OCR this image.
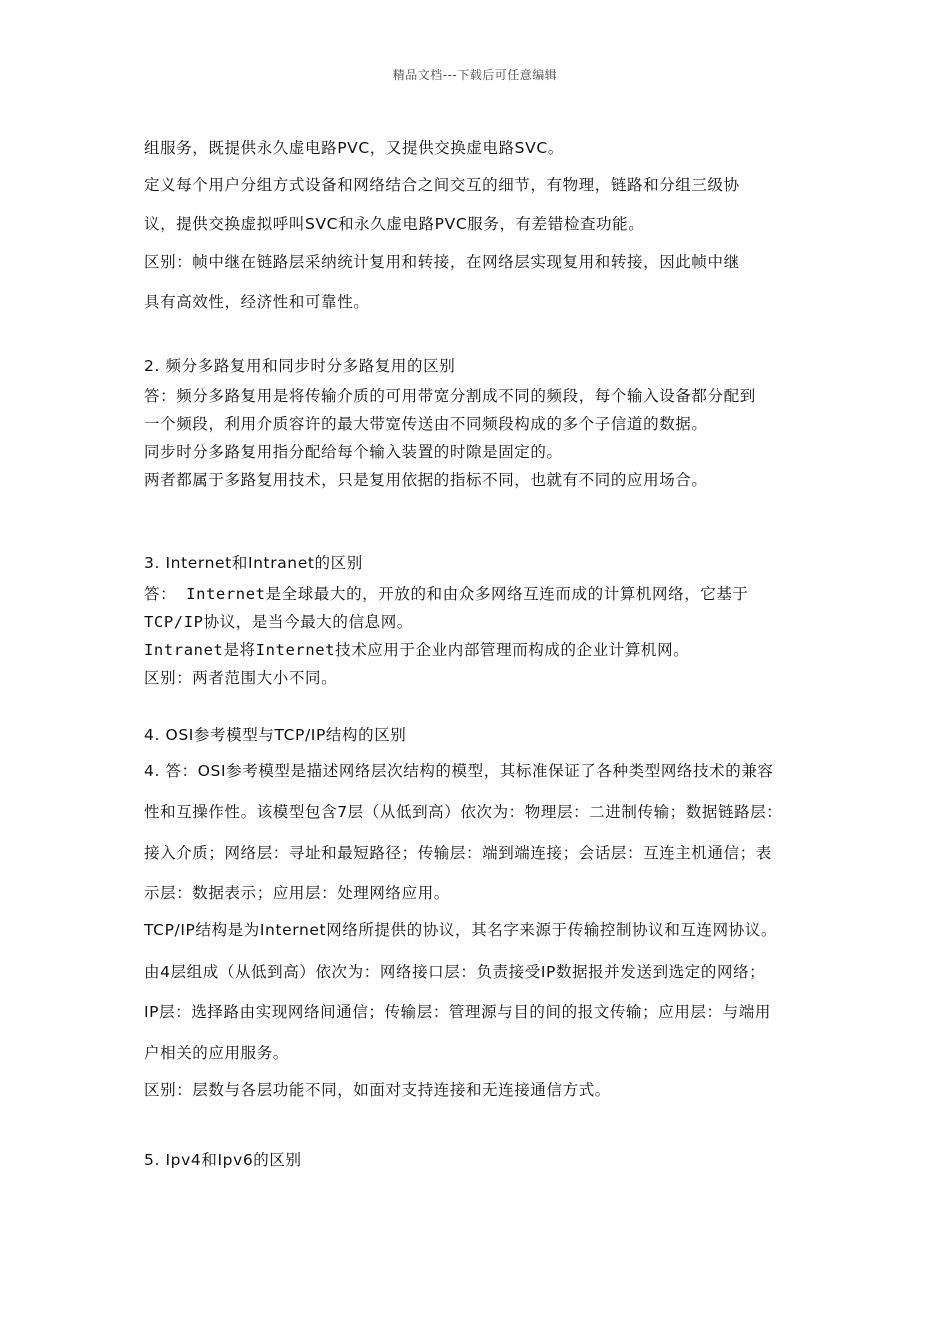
精品文档---下载后可任意编辑
组服务，既提供永久虚电路PVC，又提供交换虚电路SVC。
定义每个用户分组方式设备和网络结合之间交互的细节，有物理，链路和分组三级协
议，提供交换虚拟呼叫SVC和永久虚电路PVC服务，有差错检查功能。
区别：帧中继在链路层采纳统计复用和转接，在网络层实现复用和转接，因此帧中继
具有高效性，经济性和可靠性。
2. 频分多路复用和同步时分多路复用的区别
答：频分多路复用是将传输介质的可用带宽分割成不同的频段，每个输入设备都分配到
一个频段，利用介质容许的最大带宽传送由不同频段构成的多个子信道的数据。
同步时分多路复用指分配给每个输入装置的时隙是固定的。
两者都属于多路复用技术，只是复用依据的指标不同，也就有不同的应用场合。
3. Internet和Intranet的区别
答： Internet是全球最大的，开放的和由众多网络互连而成的计算机网络，它基于
TCP/IP协议，是当今最大的信息网。
Intranet是将Internet技术应用于企业内部管理而构成的企业计算机网。
区别：两者范围大小不同。
4. OSI参考模型与TCP/IP结构的区别
4. 答：OSI参考模型是描述网络层次结构的模型，其标准保证了各种类型网络技术的兼容
性和互操作性。该模型包含7层（从低到高）依次为：物理层：二进制传输；数据链路层：
接入介质；网络层：寻址和最短路径；传输层：端到端连接；会话层：互连主机通信；表
示层：数据表示；应用层：处理网络应用。
TCP/IP结构是为Internet网络所提供的协议，其名字来源于传输控制协议和互连网协议。
由4层组成（从低到高）依次为：网络接口层：负责接受IP数据报并发送到选定的网络；
IP层：选择路由实现网络间通信；传输层：管理源与目的间的报文传输；应用层：与端用
户相关的应用服务。
区别：层数与各层功能不同，如面对支持连接和无连接通信方式。
5. Ipv4和Ipv6的区别
